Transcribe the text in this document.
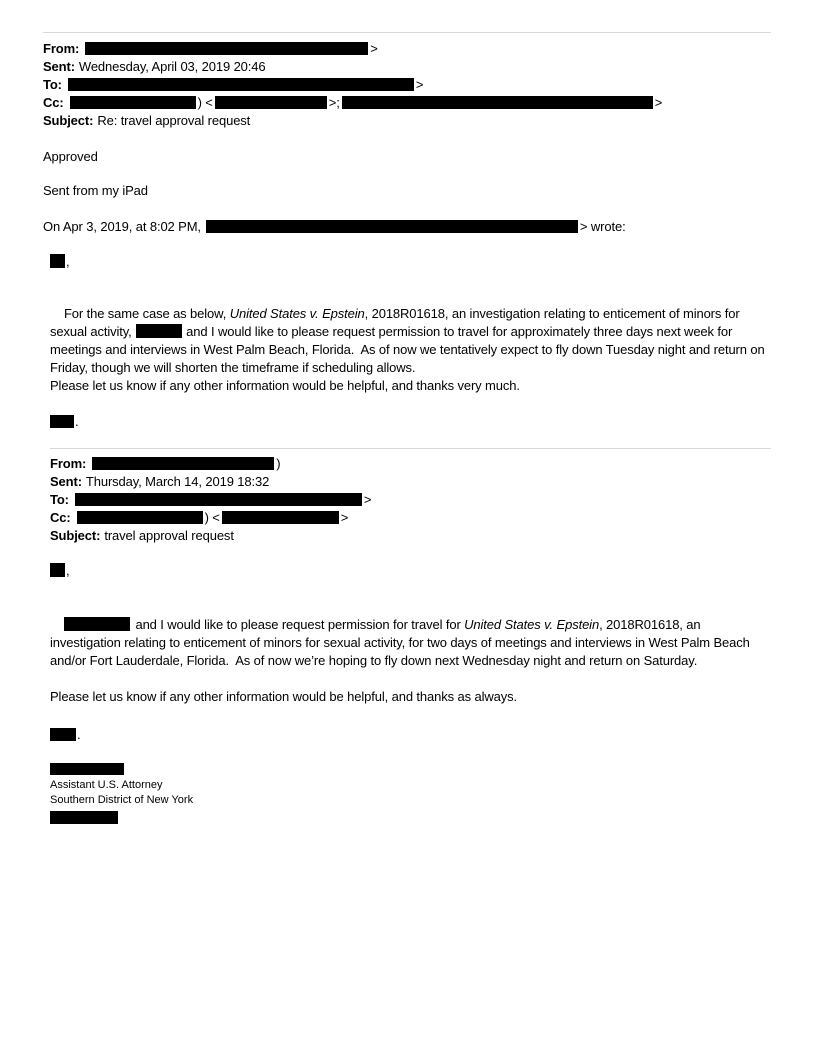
From:	>
Sent: Wednesday, April 03, 2019 20:46
To:	>
Cc:	) <	>;	>
Subject: Re: travel approval request
Approved
Sent from my iPad
On Apr 3, 2019, at 8:02 PM,	> wrote:
,

For the same case as below, United States v. Epstein, 2018R01618, an investigation relating to enticement of minors for sexual activity,	and I would like to please request permission to travel for approximately three days next week for meetings and interviews in West Palm Beach, Florida.  As of now we tentatively expect to fly down Tuesday night and return on Friday, though we will shorten the timeframe if scheduling allows.

Please let us know if any other information would be helpful, and thanks very much.
.
From:	)
Sent: Thursday, March 14, 2019 18:32
To:	>
Cc:	) <	>
Subject: travel approval request
,

and I would like to please request permission for travel for United States v. Epstein, 2018R01618, an investigation relating to enticement of minors for sexual activity, for two days of meetings and interviews in West Palm Beach and/or Fort Lauderdale, Florida.  As of now we’re hoping to fly down next Wednesday night and return on Saturday.

Please let us know if any other information would be helpful, and thanks as always.
.
Assistant U.S. Attorney
Southern District of New York
